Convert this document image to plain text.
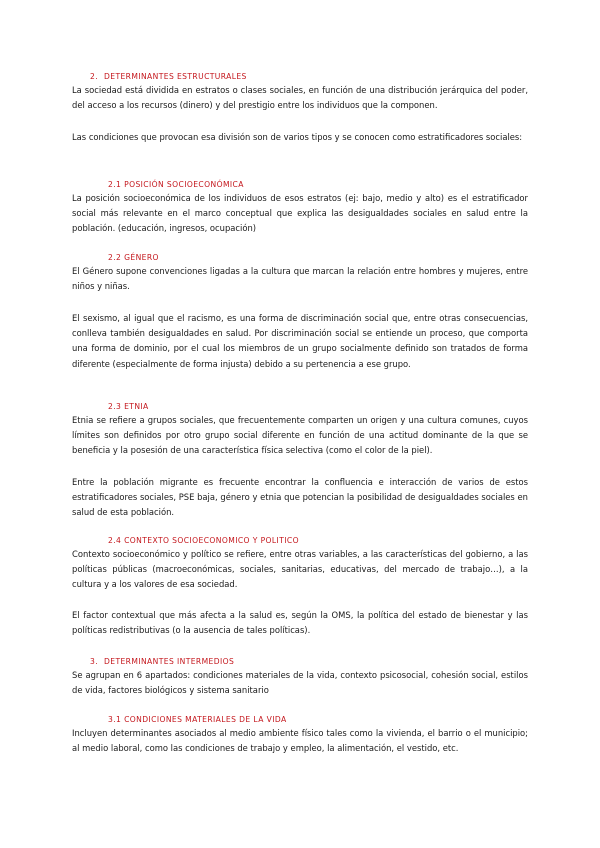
2. DETERMINANTES ESTRUCTURALES

La sociedad está dividida en estratos o clases sociales, en función de una distribución jerárquica del poder, del acceso a los recursos (dinero) y del prestigio entre los individuos que la componen.

Las condiciones que provocan esa división son de varios tipos y se conocen como estratificadores sociales:

2.1 POSICIÓN SOCIOECONÓMICA

La posición socioeconómica de los individuos de esos estratos (ej: bajo, medio y alto) es el estratificador social más relevante en el marco conceptual que explica las desigualdades sociales en salud entre la población. (educación, ingresos, ocupación)

2.2 GÉNERO

El Género supone convenciones ligadas a la cultura que marcan la relación entre hombres y mujeres, entre niños y niñas.

El sexismo, al igual que el racismo, es una forma de discriminación social que, entre otras consecuencias, conlleva también desigualdades en salud. Por discriminación social se entiende un proceso, que comporta una forma de dominio, por el cual los miembros de un grupo socialmente definido son tratados de forma diferente (especialmente de forma injusta) debido a su pertenencia a ese grupo.

2.3 ETNIA

Etnia se refiere a grupos sociales, que frecuentemente comparten un origen y una cultura comunes, cuyos límites son definidos por otro grupo social diferente en función de una actitud dominante de la que se beneficia y la posesión de una característica física selectiva (como el color de la piel).

Entre la población migrante es frecuente encontrar la confluencia e interacción de varios de estos estratificadores sociales, PSE baja, género y etnia que potencian la posibilidad de desigualdades sociales en salud de esta población.

2.4 CONTEXTO SOCIOECONOMICO Y POLITICO

Contexto socioeconómico y político se refiere, entre otras variables, a las características del gobierno, a las políticas públicas (macroeconómicas, sociales, sanitarias, educativas, del mercado de trabajo…), a la cultura y a los valores de esa sociedad.

El factor contextual que más afecta a la salud es, según la OMS, la política del estado de bienestar y las políticas redistributivas (o la ausencia de tales políticas).

3. DETERMINANTES INTERMEDIOS

Se agrupan en 6 apartados: condiciones materiales de la vida, contexto psicosocial, cohesión social, estilos de vida, factores biológicos y sistema sanitario

3.1 CONDICIONES MATERIALES DE LA VIDA

Incluyen determinantes asociados al medio ambiente físico tales como la vivienda, el barrio o el municipio; al medio laboral, como las condiciones de trabajo y empleo, la alimentación, el vestido, etc.
